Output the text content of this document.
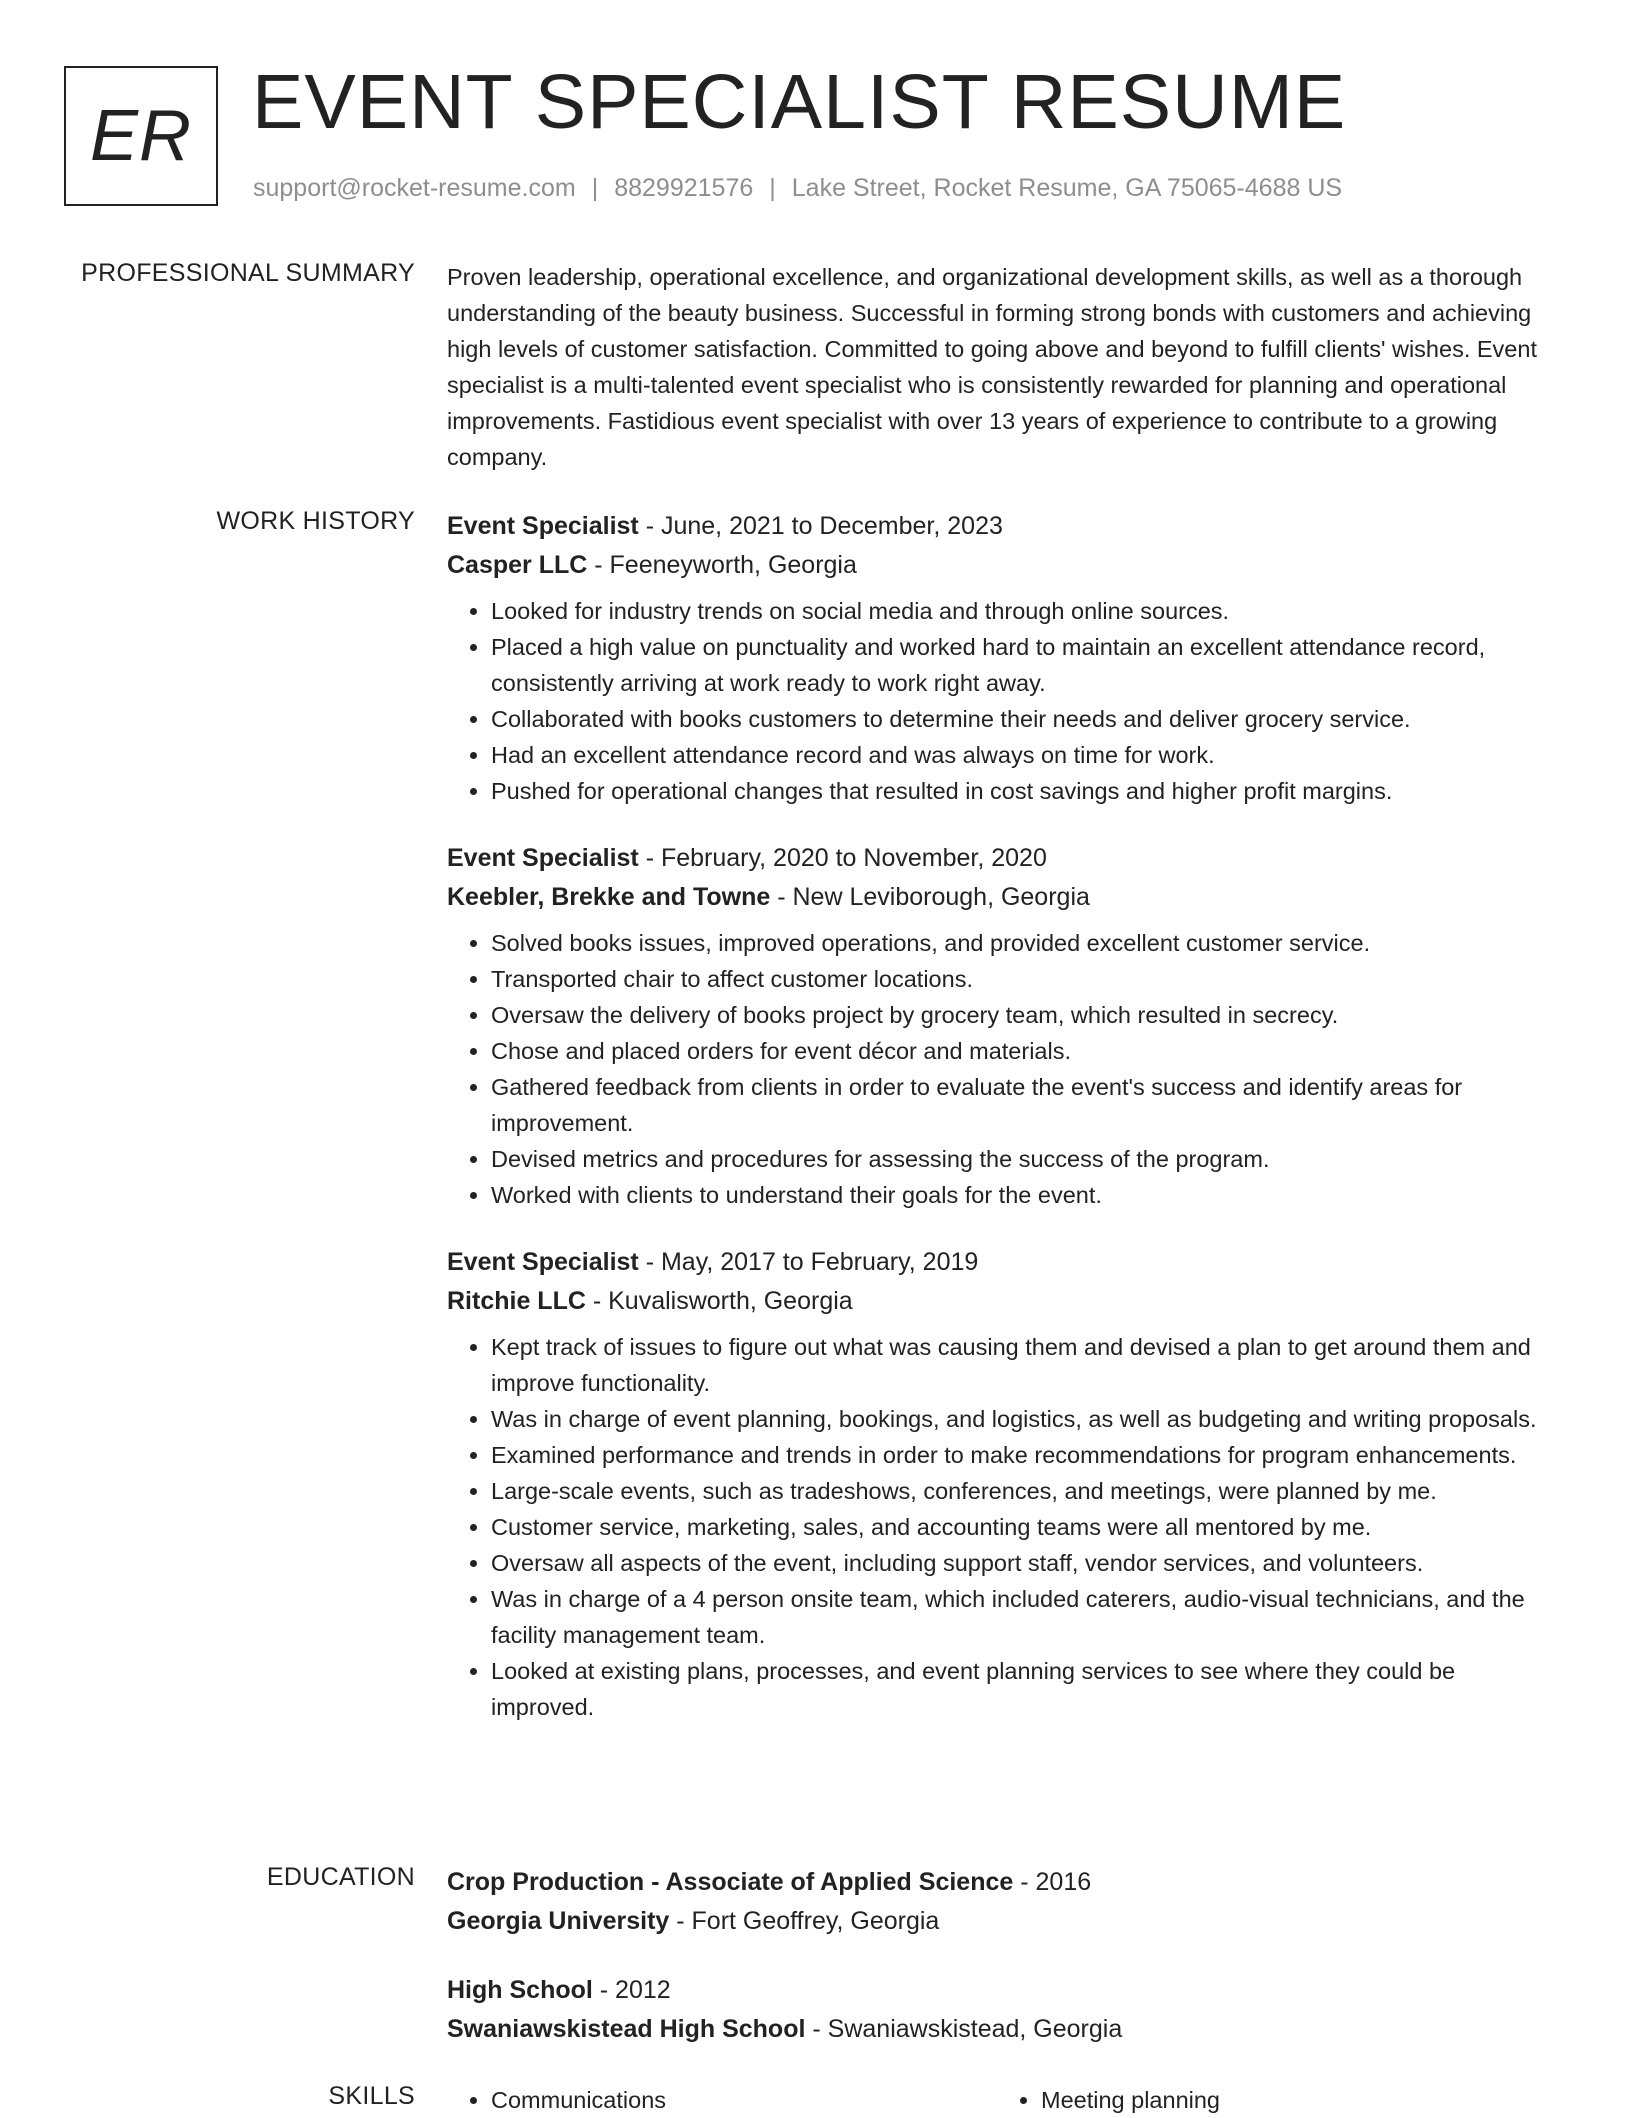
ER EVENT SPECIALIST RESUME
support@rocket-resume.com | 8829921576 | Lake Street, Rocket Resume, GA 75065-4688 US
PROFESSIONAL SUMMARY Proven leadership, operational excellence, and organizational development skills, as well as a thorough understanding of the beauty business. Successful in forming strong bonds with customers and achieving high levels of customer satisfaction. Committed to going above and beyond to fulfill clients' wishes. Event specialist is a multi-talented event specialist who is consistently rewarded for planning and operational improvements. Fastidious event specialist with over 13 years of experience to contribute to a growing company.

WORK HISTORY Event Specialist - June, 2021 to December, 2023
Casper LLC - Feeneyworth, Georgia
• Looked for industry trends on social media and through online sources.
• Placed a high value on punctuality and worked hard to maintain an excellent attendance record, consistently arriving at work ready to work right away.
• Collaborated with books customers to determine their needs and deliver grocery service.
• Had an excellent attendance record and was always on time for work.
• Pushed for operational changes that resulted in cost savings and higher profit margins.
Event Specialist - February, 2020 to November, 2020
Keebler, Brekke and Towne - New Leviborough, Georgia
• Solved books issues, improved operations, and provided excellent customer service.
• Transported chair to affect customer locations.
• Oversaw the delivery of books project by grocery team, which resulted in secrecy.
• Chose and placed orders for event décor and materials.
• Gathered feedback from clients in order to evaluate the event's success and identify areas for improvement.
• Devised metrics and procedures for assessing the success of the program.
• Worked with clients to understand their goals for the event.
Event Specialist - May, 2017 to February, 2019
Ritchie LLC - Kuvalisworth, Georgia
• Kept track of issues to figure out what was causing them and devised a plan to get around them and improve functionality.
• Was in charge of event planning, bookings, and logistics, as well as budgeting and writing proposals.
• Examined performance and trends in order to make recommendations for program enhancements.
• Large-scale events, such as tradeshows, conferences, and meetings, were planned by me.
• Customer service, marketing, sales, and accounting teams were all mentored by me.
• Oversaw all aspects of the event, including support staff, vendor services, and volunteers.
• Was in charge of a 4 person onsite team, which included caterers, audio-visual technicians, and the facility management team.
• Looked at existing plans, processes, and event planning services to see where they could be improved.
EDUCATION Crop Production - Associate of Applied Science - 2016
Georgia University - Fort Geoffrey, Georgia
High School - 2012
Swaniawskistead High School - Swaniawskistead, Georgia
SKILLS	• Communications	• Meeting planning
